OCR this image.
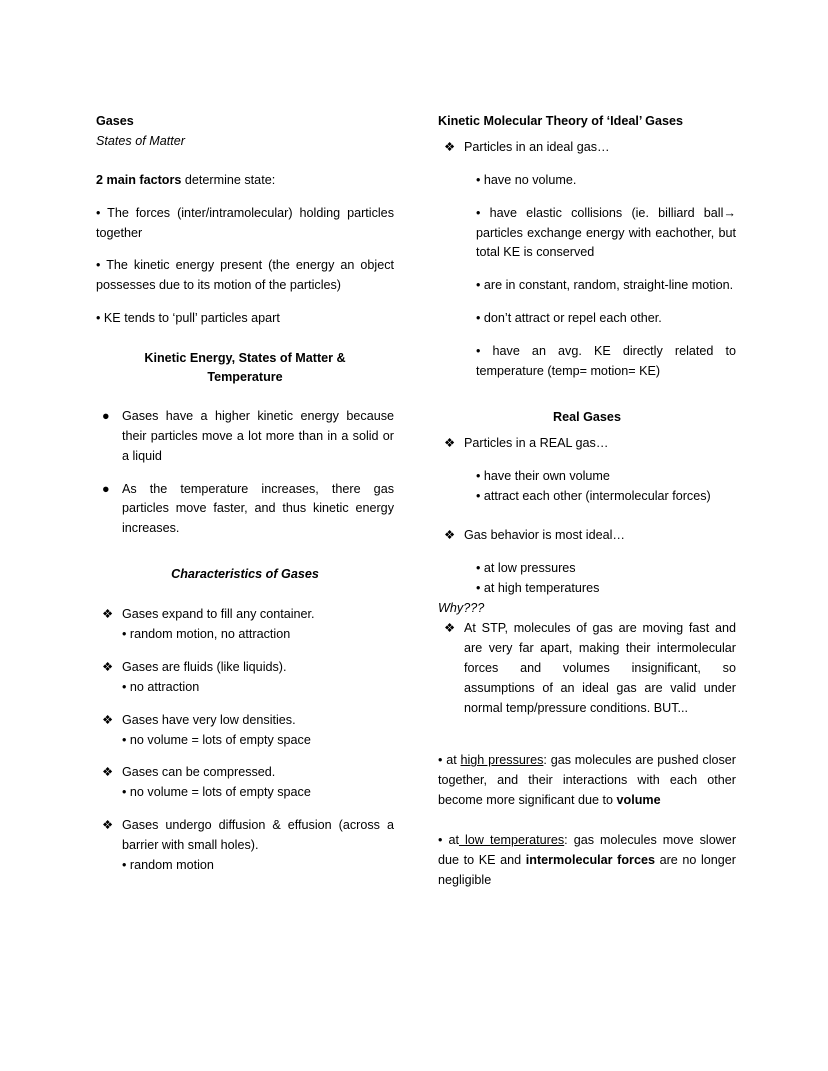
Gases

States of Matter

2 main factors determine state:

• The forces (inter/intramolecular) holding particles together

• The kinetic energy present (the energy an object possesses due to its motion of the particles)

• KE tends to ‘pull’ particles apart

Kinetic Energy, States of Matter & Temperature

● Gases have a higher kinetic energy because their particles move a lot more than in a solid or a liquid
● As the temperature increases, there gas particles move faster, and thus kinetic energy increases.

Characteristics of Gases

❖ Gases expand to fill any container.
• random motion, no attraction
❖ Gases are fluids (like liquids).
• no attraction
❖ Gases have very low densities.
• no volume = lots of empty space
❖ Gases can be compressed.
• no volume = lots of empty space
❖ Gases undergo diffusion & effusion (across a barrier with small holes).
• random motion

Kinetic Molecular Theory of ‘Ideal’ Gases

❖ Particles in an ideal gas…
• have no volume.
• have elastic collisions (ie. billiard ball→ particles exchange energy with eachother, but total KE is conserved
• are in constant, random, straight-line motion.
• don’t attract or repel each other.
• have an avg. KE directly related to temperature (temp= motion= KE)

Real Gases

❖ Particles in a REAL gas…
• have their own volume
• attract each other (intermolecular forces)
❖ Gas behavior is most ideal…
• at low pressures
• at high temperatures

Why???

❖ At STP, molecules of gas are moving fast and are very far apart, making their intermolecular forces and volumes insignificant, so assumptions of an ideal gas are valid under normal temp/pressure conditions. BUT...

• at high pressures: gas molecules are pushed closer together, and their interactions with each other become more significant due to volume

• at low temperatures: gas molecules move slower due to KE and intermolecular forces are no longer negligible
